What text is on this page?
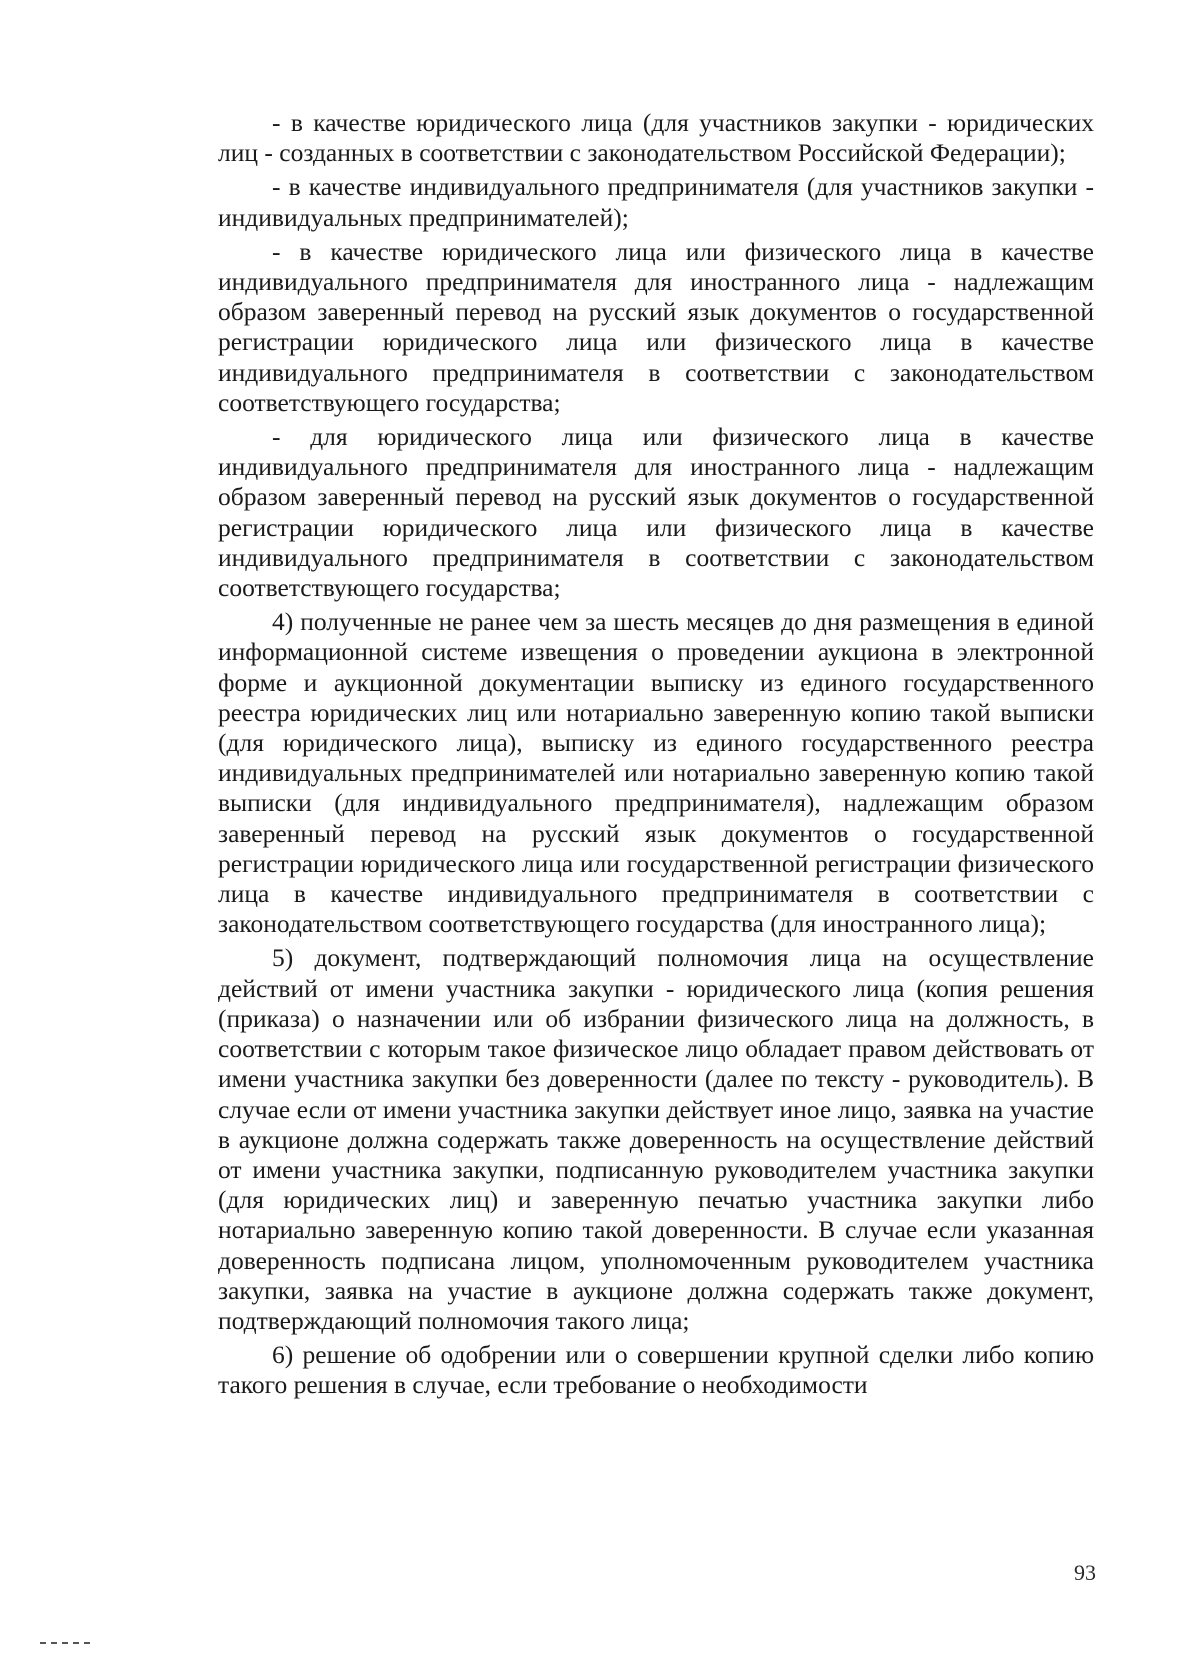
- в качестве юридического лица (для участников закупки - юридических лиц - созданных в соответствии с законодательством Российской Федерации);

- в качестве индивидуального предпринимателя (для участников закупки - индивидуальных предпринимателей);

- в качестве юридического лица или физического лица в качестве индивидуального предпринимателя для иностранного лица - надлежащим образом заверенный перевод на русский язык документов о государственной регистрации юридического лица или физического лица в качестве индивидуального предпринимателя в соответствии с законодательством соответствующего государства;

- для юридического лица или физического лица в качестве индивидуального предпринимателя для иностранного лица - надлежащим образом заверенный перевод на русский язык документов о государственной регистрации юридического лица или физического лица в качестве индивидуального предпринимателя в соответствии с законодательством соответствующего государства;

4) полученные не ранее чем за шесть месяцев до дня размещения в единой информационной системе извещения о проведении аукциона в электронной форме и аукционной документации выписку из единого государственного реестра юридических лиц или нотариально заверенную копию такой выписки (для юридического лица), выписку из единого государственного реестра индивидуальных предпринимателей или нотариально заверенную копию такой выписки (для индивидуального предпринимателя), надлежащим образом заверенный перевод на русский язык документов о государственной регистрации юридического лица или государственной регистрации физического лица в качестве индивидуального предпринимателя в соответствии с законодательством соответствующего государства (для иностранного лица);

5) документ, подтверждающий полномочия лица на осуществление действий от имени участника закупки - юридического лица (копия решения (приказа) о назначении или об избрании физического лица на должность, в соответствии с которым такое физическое лицо обладает правом действовать от имени участника закупки без доверенности (далее по тексту - руководитель). В случае если от имени участника закупки действует иное лицо, заявка на участие в аукционе должна содержать также доверенность на осуществление действий от имени участника закупки, подписанную руководителем участника закупки (для юридических лиц) и заверенную печатью участника закупки либо нотариально заверенную копию такой доверенности. В случае если указанная доверенность подписана лицом, уполномоченным руководителем участника закупки, заявка на участие в аукционе должна содержать также документ, подтверждающий полномочия такого лица;

6) решение об одобрении или о совершении крупной сделки либо копию такого решения в случае, если требование о необходимости

93
